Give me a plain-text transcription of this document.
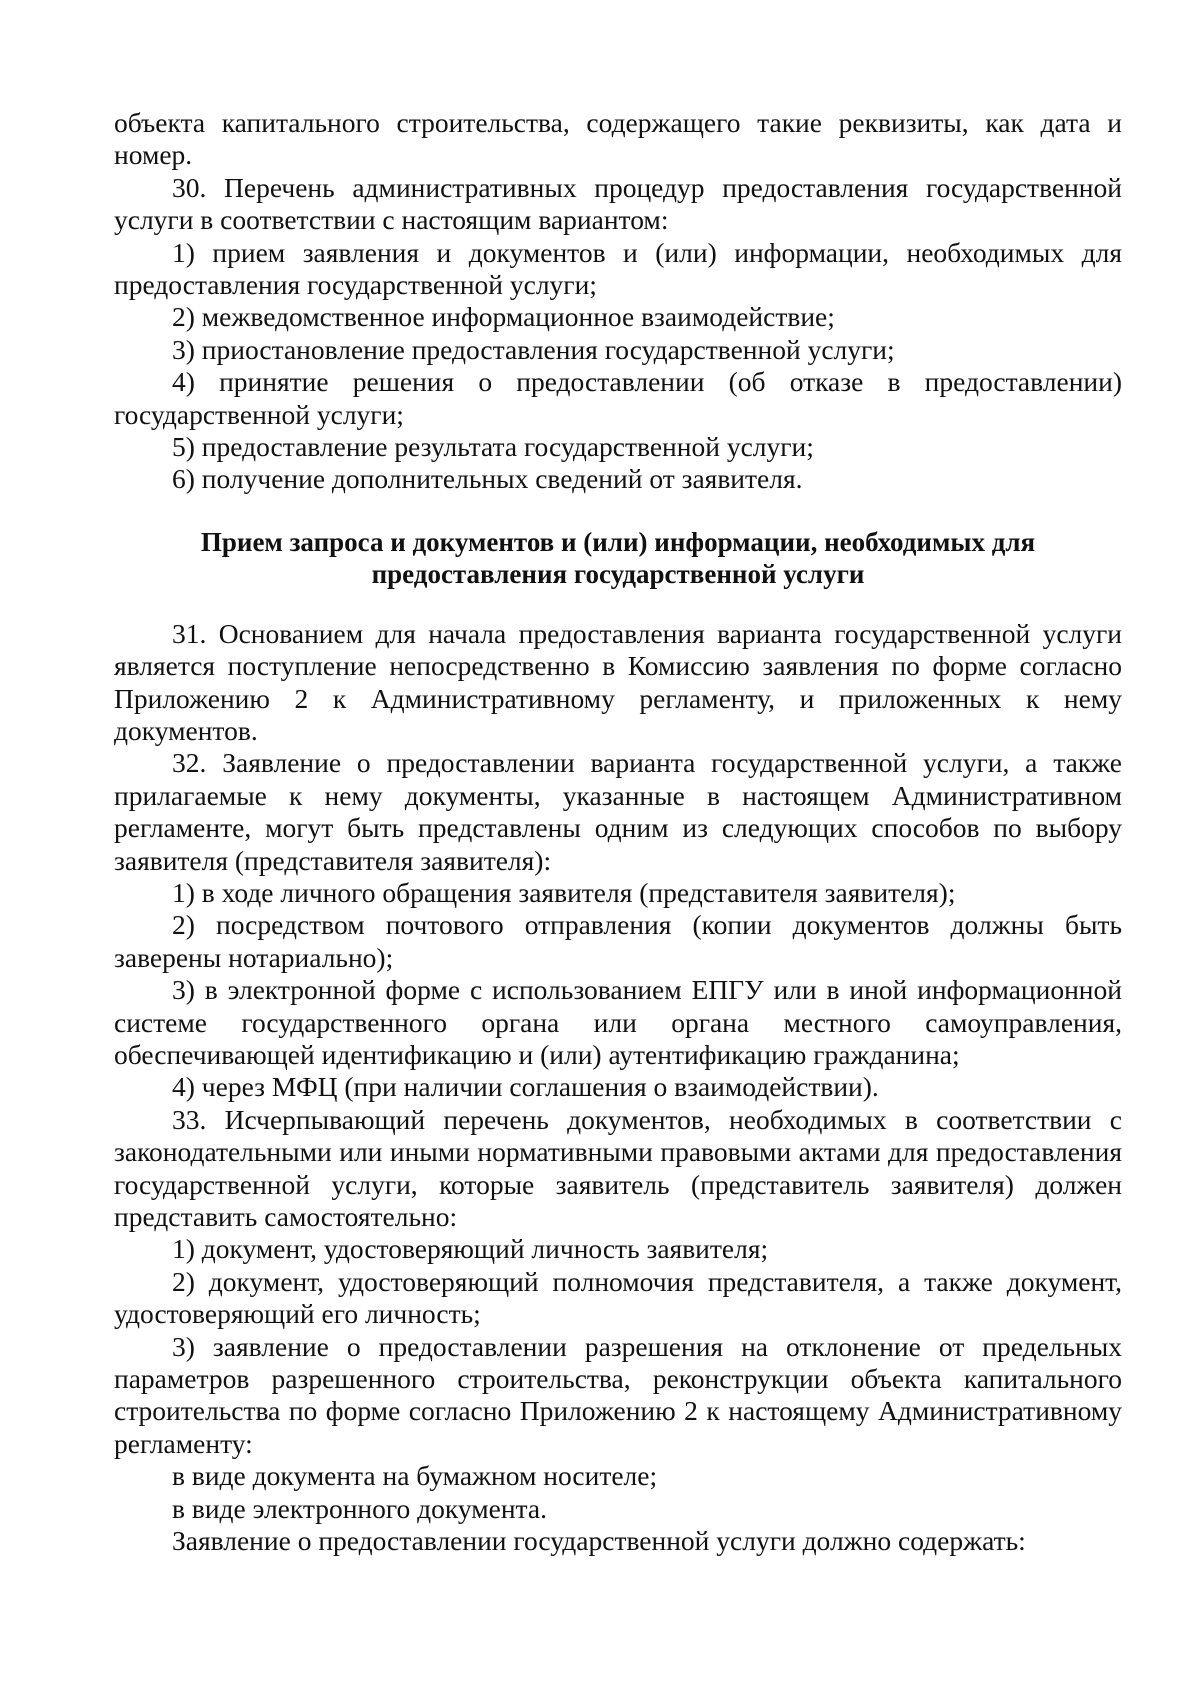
объекта капитального строительства, содержащего такие реквизиты, как дата и номер.

30. Перечень административных процедур предоставления государственной услуги в соответствии с настоящим вариантом:

1) прием заявления и документов и (или) информации, необходимых для предоставления государственной услуги;

2) межведомственное информационное взаимодействие;

3) приостановление предоставления государственной услуги;

4) принятие решения о предоставлении (об отказе в предоставлении) государственной услуги;

5) предоставление результата государственной услуги;

6) получение дополнительных сведений от заявителя.

Прием запроса и документов и (или) информации, необходимых для предоставления государственной услуги

31. Основанием для начала предоставления варианта государственной услуги является поступление непосредственно в Комиссию заявления по форме согласно Приложению 2 к Административному регламенту, и приложенных к нему документов.

32. Заявление о предоставлении варианта государственной услуги, а также прилагаемые к нему документы, указанные в настоящем Административном регламенте, могут быть представлены одним из следующих способов по выбору заявителя (представителя заявителя):

1) в ходе личного обращения заявителя (представителя заявителя);

2) посредством почтового отправления (копии документов должны быть заверены нотариально);

3) в электронной форме с использованием ЕПГУ или в иной информационной системе государственного органа или органа местного самоуправления, обеспечивающей идентификацию и (или) аутентификацию гражданина;

4) через МФЦ (при наличии соглашения о взаимодействии).

33. Исчерпывающий перечень документов, необходимых в соответствии с законодательными или иными нормативными правовыми актами для предоставления государственной услуги, которые заявитель (представитель заявителя) должен представить самостоятельно:

1) документ, удостоверяющий личность заявителя;

2) документ, удостоверяющий полномочия представителя, а также документ, удостоверяющий его личность;

3) заявление о предоставлении разрешения на отклонение от предельных параметров разрешенного строительства, реконструкции объекта капитального строительства по форме согласно Приложению 2 к настоящему Административному регламенту:

в виде документа на бумажном носителе;

в виде электронного документа.

Заявление о предоставлении государственной услуги должно содержать:
